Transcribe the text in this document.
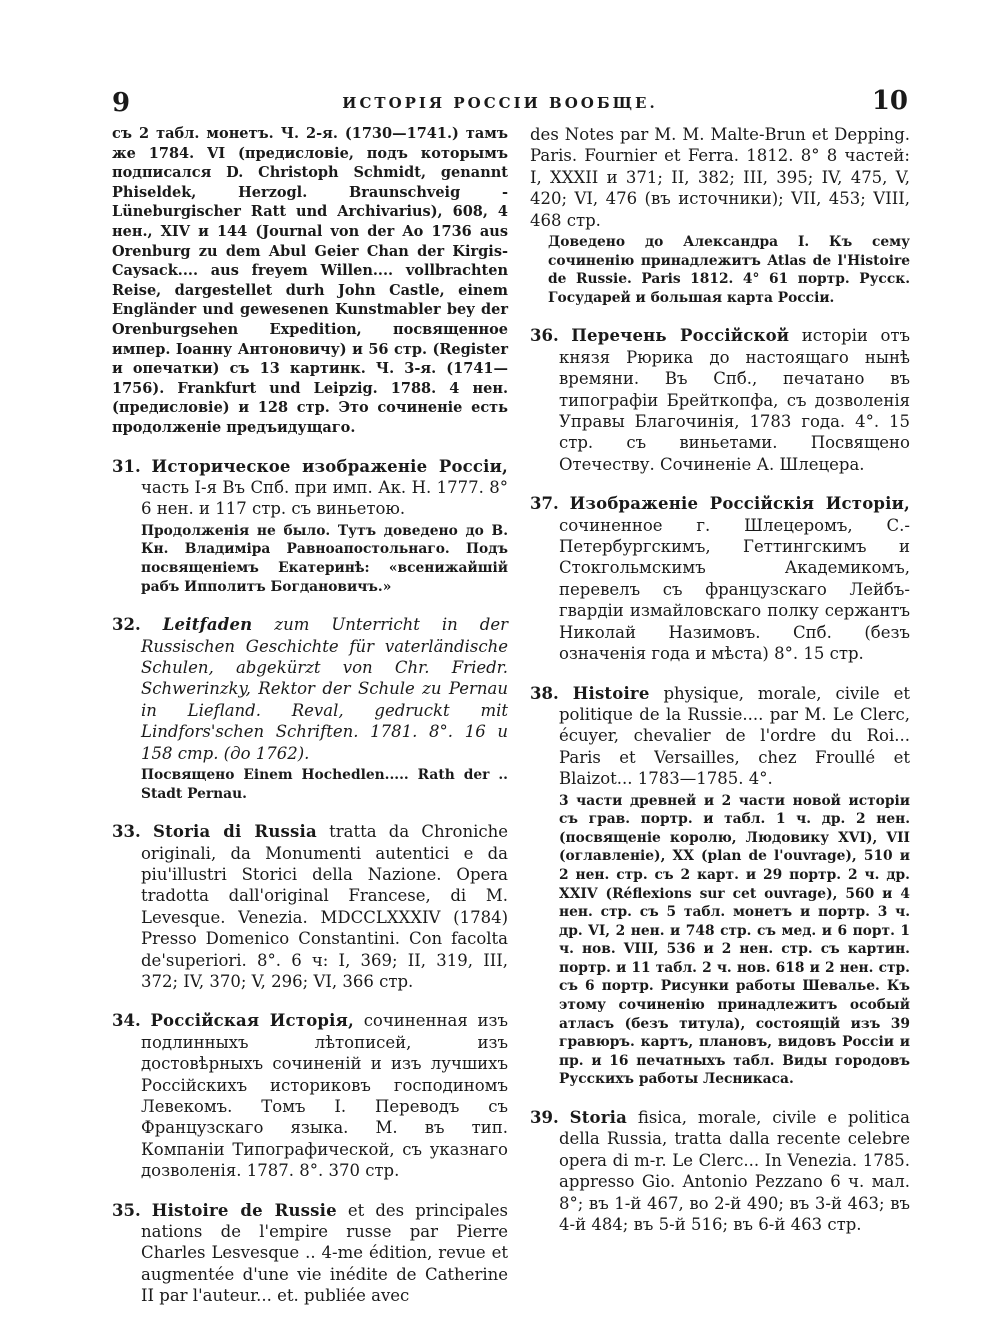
9	ИСТОРІЯ РОССІИ ВООБЩЕ.	10

съ 2 табл. монетъ. Ч. 2-я. (1730—1741.) тамъ же 1784. VI (предисловіе, подъ которымъ подписался D. Christoph Schmidt, genannt Phiseldek, Herzogl. Braunschveig - Lüneburgischer Ratt und Archivarius), 608, 4 нен., XIV и 144 (Journal von der Ao 1736 aus Orenburg zu dem Abul Geier Chan der Kirgis-Caysack.... aus freyem Willen.... vollbrachten Reise, dargestellet durh John Castle, einem Engländer und gewesenen Kunstmabler bey der Orenburgsehen Expedition, посвященное импер. Іоанну Антоновичу) и 56 стр. (Register и опечатки) съ 13 картинк. Ч. 3-я. (1741—1756). Frankfurt und Leipzig. 1788. 4 нен. (предисловіе) и 128 стр. Это сочиненіе есть продолженіе предъидущаго.

31. Историческое изображеніе Россіи, часть I-я Въ Спб. при имп. Ак. Н. 1777. 8° 6 нен. и 117 стр. съ виньетою.

Продолженія не было. Тутъ доведено до В. Кн. Владиміра Равноапостольнаго. Подъ посвященіемъ Екатеринѣ: «всенижайшій рабъ Ипполитъ Богдановичъ.»

32. Leitfaden zum Unterricht in der Russischen Geschichte für vaterländische Schulen, abgekürzt von Chr. Friedr. Schwerinzky, Rektor der Schule zu Pernau in Liefland. Reval, gedruckt mit Lindfors'schen Schriften. 1781. 8°. 16 и 158 стр. (до 1762).

Посвящено Einem Hochedlen..... Rath der .. Stadt Pernau.

33. Storia di Russia tratta da Chroniche originali, da Monumenti autentici e da piu'illustri Storici della Nazione. Opera tradotta dall'original Francese, di M. Levesque. Venezia. MDCCLXXXIV (1784) Presso Domenico Constantini. Con facolta de'superiori. 8°. 6 ч: I, 369; II, 319, III, 372; IV, 370; V, 296; VI, 366 стр.

34. Россійская Исторія, сочиненная изъ подлинныхъ лѣтописей, изъ достовѣрныхъ сочиненій и изъ лучшихъ Россійскихъ историковъ господиномъ Левекомъ. Томъ I. Переводъ съ Французскаго языка. М. въ тип. Компаніи Типографической, съ указнаго дозволенія. 1787. 8°. 370 стр.

35. Histoire de Russie et des principales nations de l'empire russe par Pierre Charles Lesvesque .. 4-me édition, revue et augmentée d'une vie inédite de Catherine II par l'auteur... et. publiée avec

des Notes par M. M. Malte-Brun et Depping. Paris. Fournier et Ferra. 1812. 8° 8 частей: I, XXXII и 371; II, 382; III, 395; IV, 475, V, 420; VI, 476 (въ источники); VII, 453; VIII, 468 стр.

Доведено до Александра I. Къ сему сочиненію принадлежитъ Atlas de l'Histoire de Russie. Paris 1812. 4° 61 портр. Русск. Государей и большая карта Россіи.

36. Перечень Россійской исторіи отъ князя Рюрика до настоящаго нынѣ времяни. Въ Спб., печатано въ типографіи Брейткопфа, съ дозволенія Управы Благочинія, 1783 года. 4°. 15 стр. съ виньетами. Посвящено Отечеству. Сочиненіе А. Шлецера.

37. Изображеніе Россійскія Исторіи, сочиненное г. Шлецеромъ, С.-Петербургскимъ, Геттингскимъ и Стокгольмскимъ Академикомъ, перевелъ съ французскаго Лейбъ-гвардіи измайловскаго полку сержантъ Николай Назимовъ. Спб. (безъ означенія года и мѣста) 8°. 15 стр.

38. Histoire physique, morale, civile et politique de la Russie.... par M. Le Clerc, écuyer, chevalier de l'ordre du Roi... Paris et Versailles, chez Froullé et Blaizot... 1783—1785. 4°.

3 части древней и 2 части новой исторіи съ грав. портр. и табл. 1 ч. др. 2 нен. (посвященіе королю, Людовику XVI), VII (оглавленіе), XX (plan de l'ouvrage), 510 и 2 нен. стр. съ 2 карт. и 29 портр. 2 ч. др. XXIV (Réflexions sur cet ouvrage), 560 и 4 нен. стр. съ 5 табл. монетъ и портр. 3 ч. др. VI, 2 нен. и 748 стр. съ мед. и 6 порт. 1 ч. нов. VIII, 536 и 2 нен. стр. съ картин. портр. и 11 табл. 2 ч. нов. 618 и 2 нен. стр. съ 6 портр. Рисунки работы Шевалье. Къ этому сочиненію принадлежитъ особый атласъ (безъ титула), состоящій изъ 39 гравюръ. картъ, плановъ, видовъ Россіи и пр. и 16 печатныхъ табл. Виды городовъ Русскихъ работы Лесникаса.

39. Storia fisica, morale, civile e politica della Russia, tratta dalla recente celebre opera di m-r. Le Clerc... In Venezia. 1785. appresso Gio. Antonio Pezzano 6 ч. мал. 8°; въ 1-й 467, во 2-й 490; въ 3-й 463; въ 4-й 484; въ 5-й 516; въ 6-й 463 стр.
